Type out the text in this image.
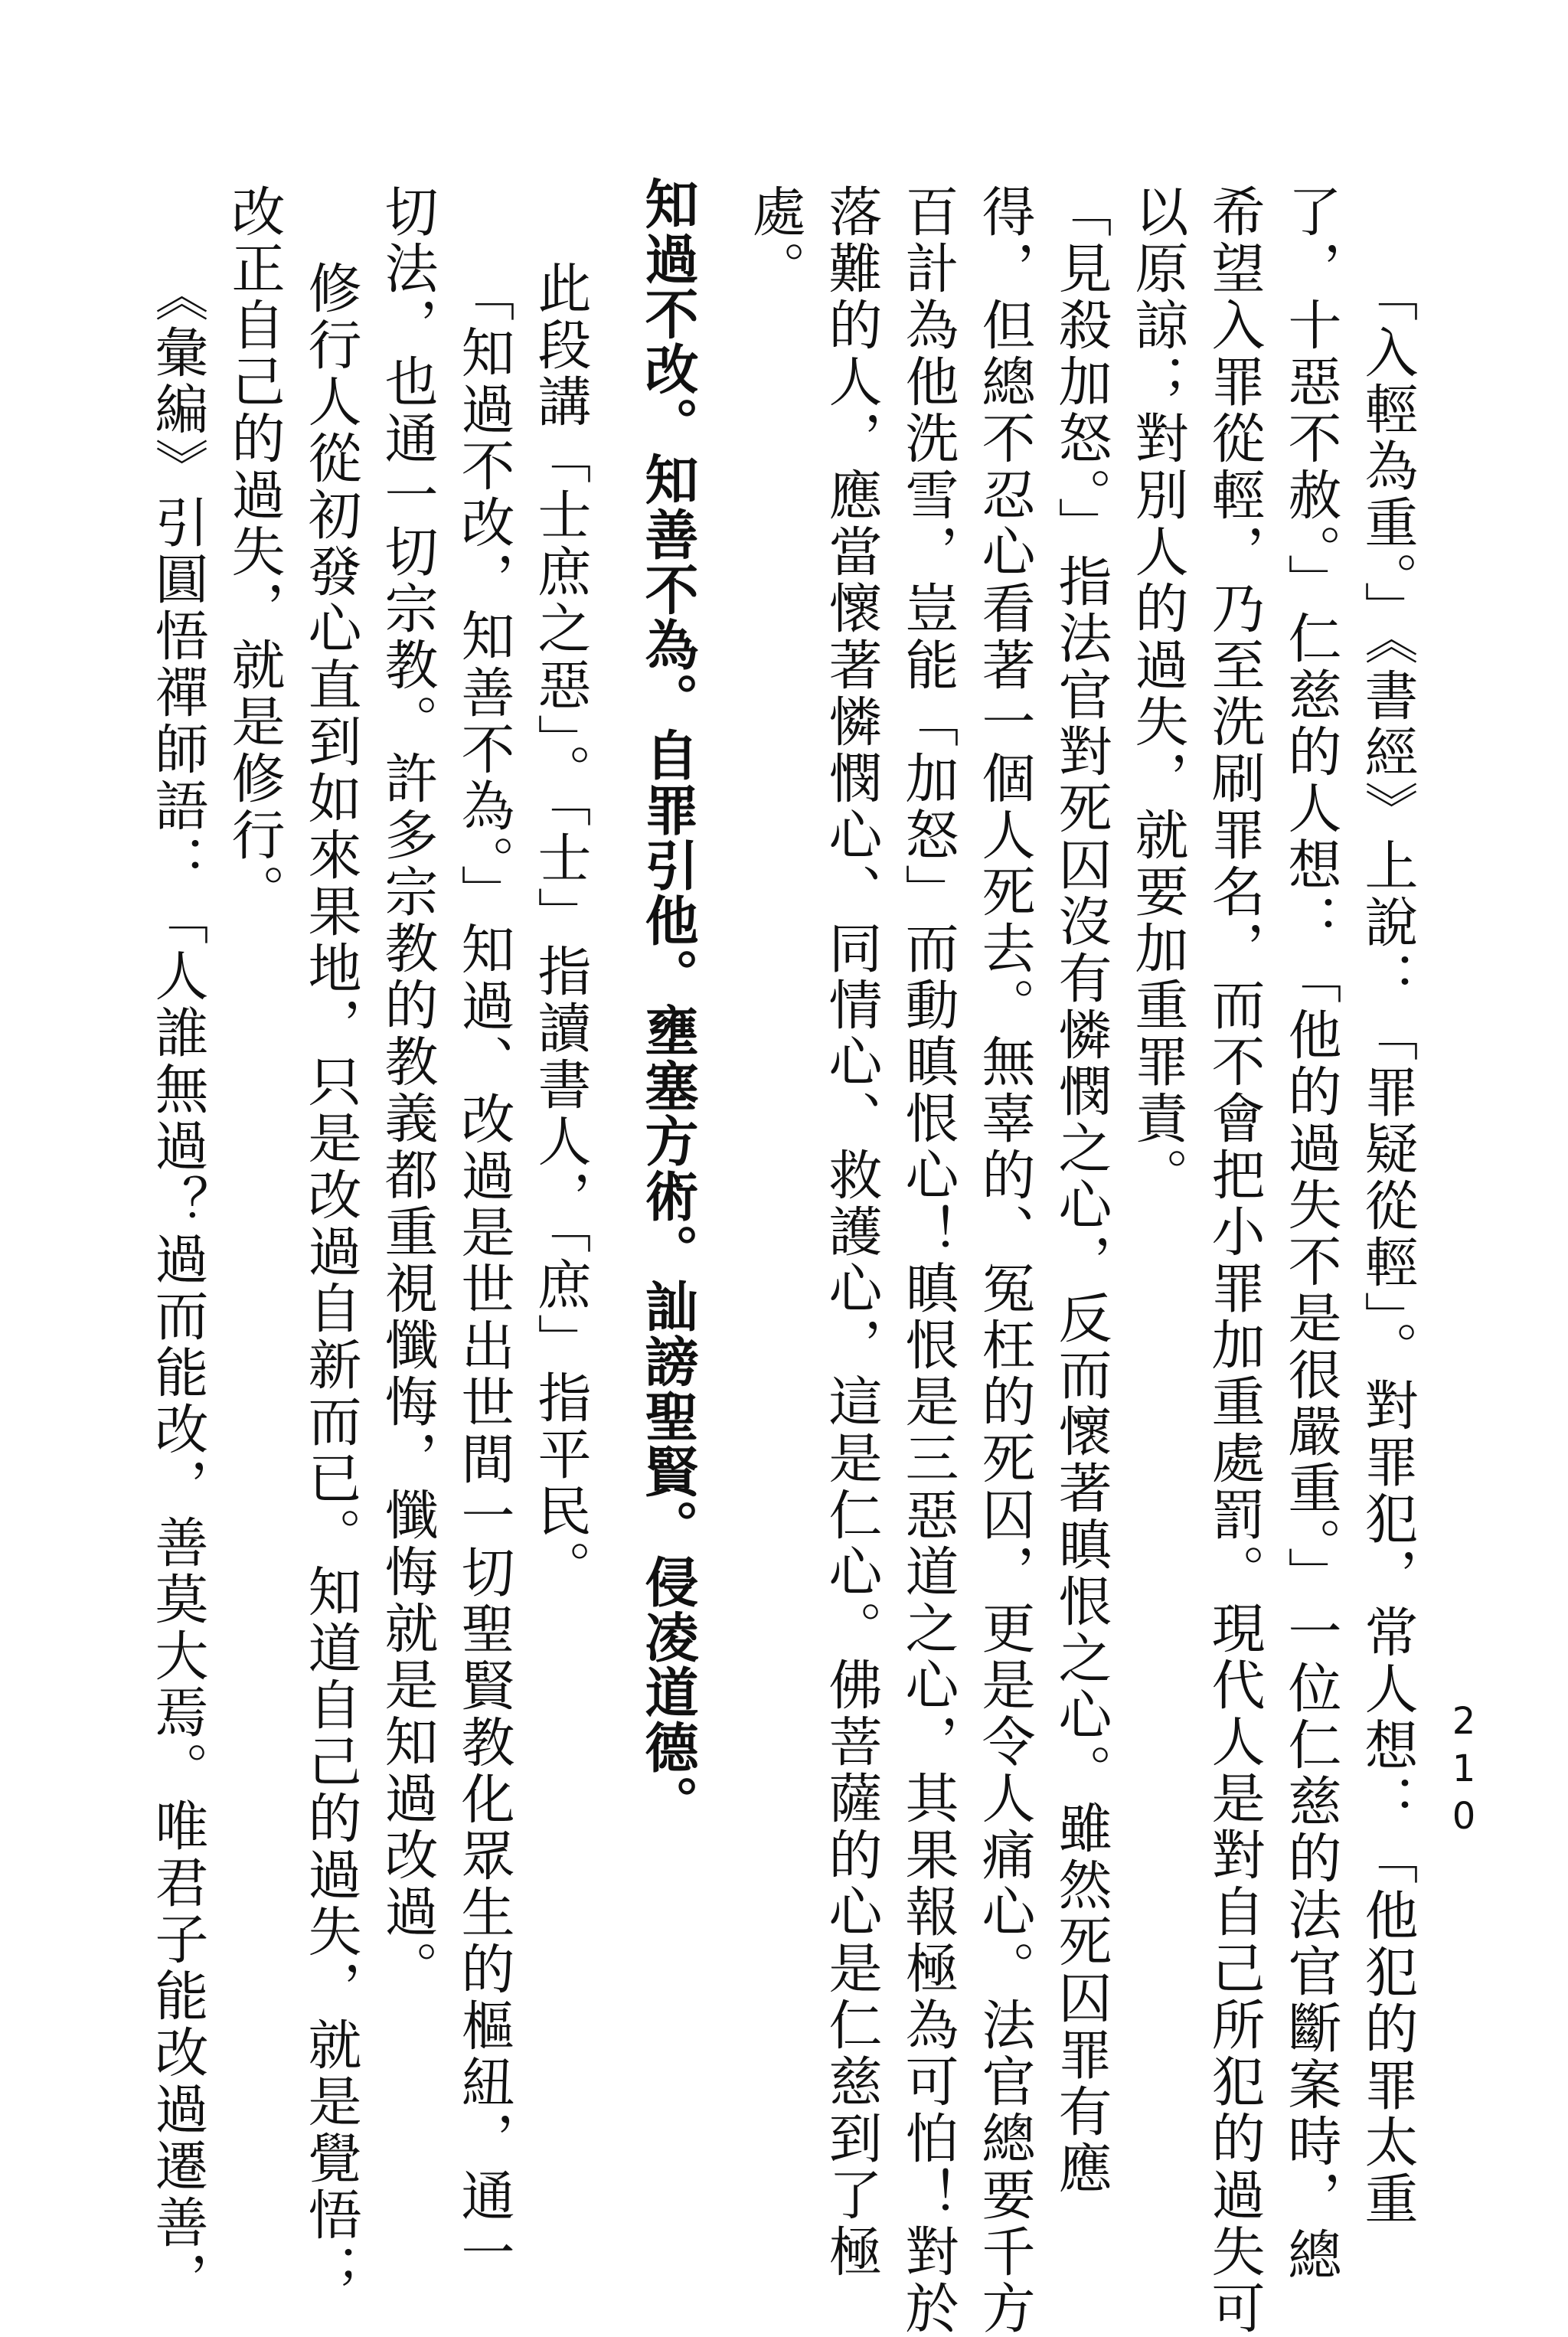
210

「入輕為重。」《書經》上說：「罪疑從輕」。對罪犯，常人想：「他犯的罪太重

了，十惡不赦。」仁慈的人想：「他的過失不是很嚴重。」一位仁慈的法官斷案時，總

希望入罪從輕，乃至洗刷罪名，而不會把小罪加重處罰。現代人是對自己所犯的過失可

以原諒；對別人的過失，就要加重罪責。

「見殺加怒。」指法官對死囚沒有憐憫之心，反而懷著瞋恨之心。雖然死囚罪有應

得，但總不忍心看著一個人死去。無辜的、冤枉的死囚，更是令人痛心。法官總要千方

百計為他洗雪，豈能「加怒」而動瞋恨心！瞋恨是三惡道之心，其果報極為可怕！對於

落難的人，應當懷著憐憫心、同情心、救護心，這是仁心。佛菩薩的心是仁慈到了極

處。

知過不改。知善不為。自罪引他。壅塞方術。訕謗聖賢。侵凌道德。

此段講「士庶之惡」。「士」指讀書人，「庶」指平民。

「知過不改，知善不為。」知過、改過是世出世間一切聖賢教化眾生的樞紐，通一

切法，也通一切宗教。許多宗教的教義都重視懺悔，懺悔就是知過改過。

修行人從初發心直到如來果地，只是改過自新而已。知道自己的過失，就是覺悟；

改正自己的過失，就是修行。

《彙編》引圓悟禪師語：「人誰無過？過而能改，善莫大焉。唯君子能改過遷善，
